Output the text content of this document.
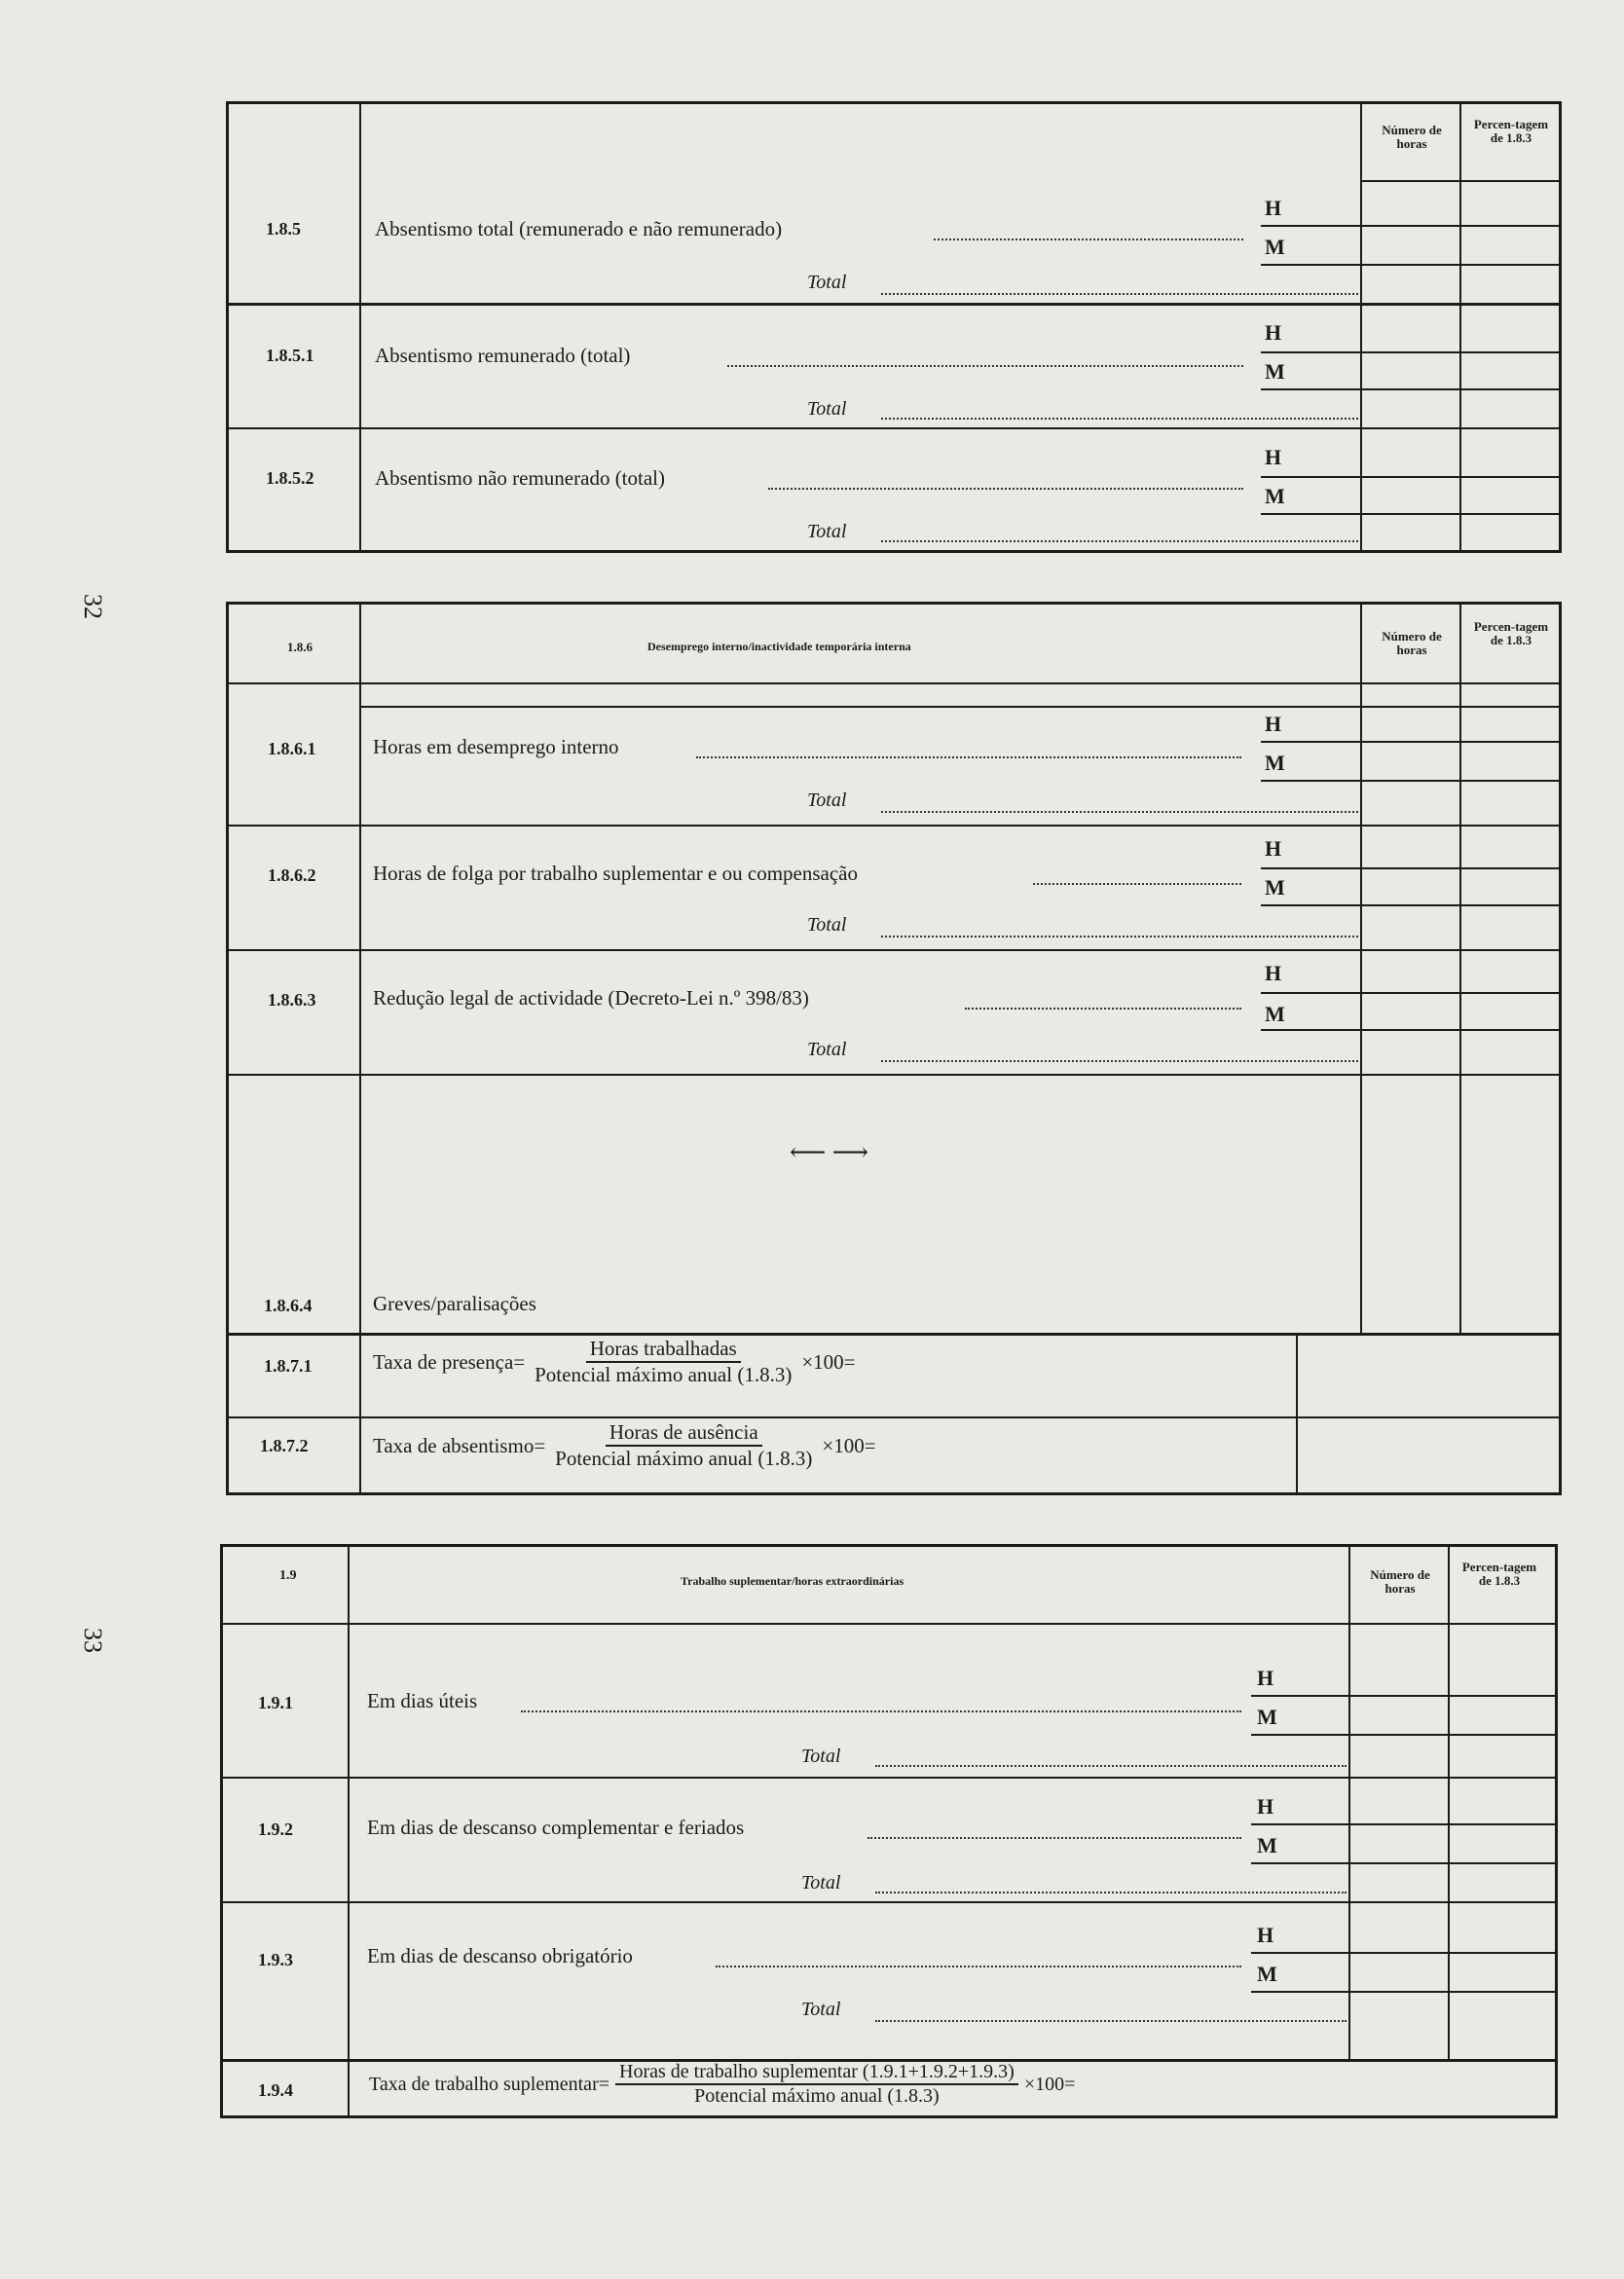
32
33
Número de horas
Percen-tagem de 1.8.3
1.8.5	Absentismo total (remunerado e não remunerado)
H
M
Total
1.8.5.1	Absentismo remunerado (total)
H
M
Total
1.8.5.2	Absentismo não remunerado (total)
H
M
Total
1.8.6	Desemprego interno/inactividade temporária interna
Número de horas
Percen-tagem de 1.8.3
1.8.6.1	Horas em desemprego interno
H
M
Total
1.8.6.2	Horas de folga por trabalho suplementar e ou compensação
H
M
Total
1.8.6.3	Redução legal de actividade (Decreto-Lei n.º 398/83)
H
M
Total
⟵ ⟶
1.8.6.4	Greves/paralisações
1.8.7.1	Taxa de presença= $\frac{\text{Horas trabalhadas}}{\text{Potencial máximo anual (1.8.3)}} \times 100=$
1.8.7.2	Taxa de absentismo= $\frac{\text{Horas de ausência}}{\text{Potencial máximo anual (1.8.3)}} \times 100=$
1.9	Trabalho suplementar/horas extraordinárias	Número de horas
Percen-tagem de 1.8.3
1.9.1	Em dias úteis
H
M
Total
1.9.2	Em dias de descanso complementar e feriados
H
M
Total
1.9.3	Em dias de descanso obrigatório
H
M
Total
1.9.4	Taxa de trabalho suplementar= $\frac{\text{Horas de trabalho suplementar (1.9.1+1.9.2+1.9.3)}}{\text{Potencial máximo anual (1.8.3)}} \times 100=$
